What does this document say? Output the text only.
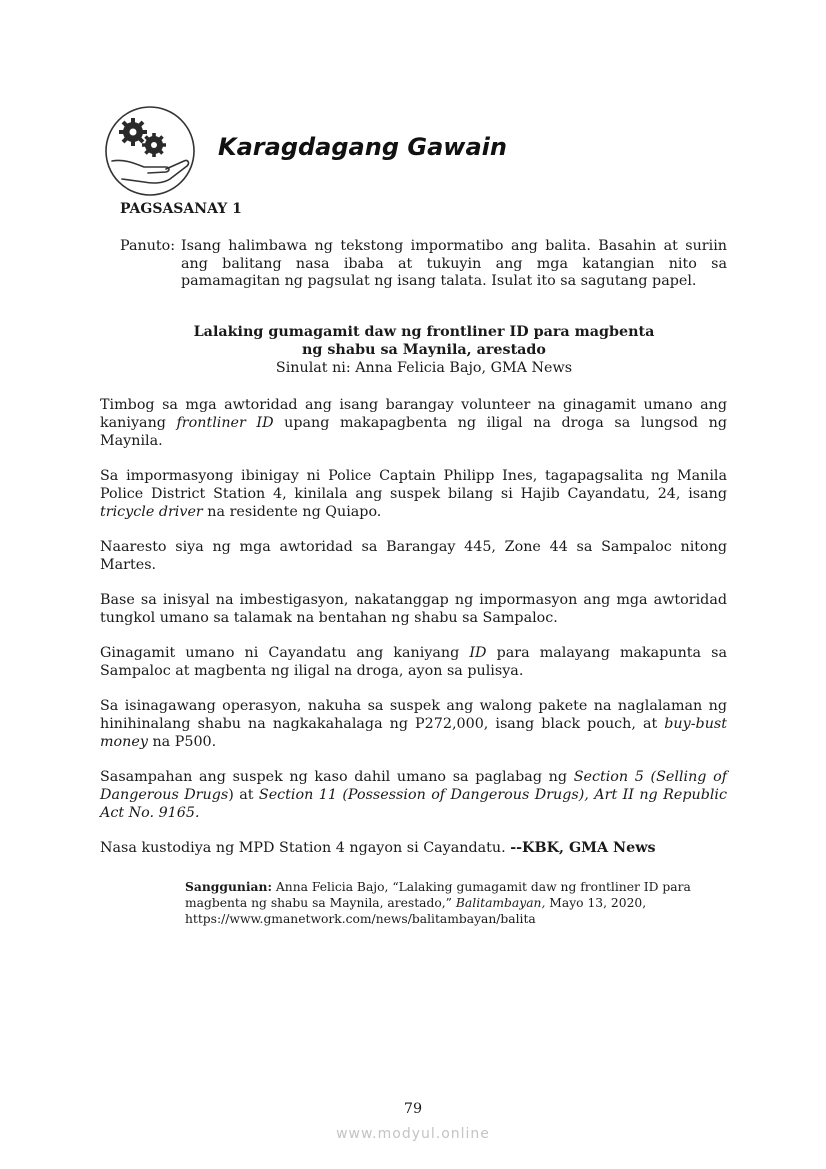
Karagdagang Gawain
PAGSASANAY 1
Panuto: Isang halimbawa ng tekstong impormatibo ang balita. Basahin at suriin ang balitang nasa ibaba at tukuyin ang mga katangian nito sa pamamagitan ng pagsulat ng isang talata. Isulat ito sa sagutang papel.
Lalaking gumagamit daw ng frontliner ID para magbenta
ng shabu sa Maynila, arestado
Sinulat ni: Anna Felicia Bajo, GMA News

Timbog sa mga awtoridad ang isang barangay volunteer na ginagamit umano ang kaniyang frontliner ID upang makapagbenta ng iligal na droga sa lungsod ng Maynila.

Sa impormasyong ibinigay ni Police Captain Philipp Ines, tagapagsalita ng Manila Police District Station 4, kinilala ang suspek bilang si Hajib Cayandatu, 24, isang tricycle driver na residente ng Quiapo.

Naaresto siya ng mga awtoridad sa Barangay 445, Zone 44 sa Sampaloc nitong Martes.

Base sa inisyal na imbestigasyon, nakatanggap ng impormasyon ang mga awtoridad tungkol umano sa talamak na bentahan ng shabu sa Sampaloc.

Ginagamit umano ni Cayandatu ang kaniyang ID para malayang makapunta sa Sampaloc at magbenta ng iligal na droga, ayon sa pulisya.

Sa isinagawang operasyon, nakuha sa suspek ang walong pakete na naglalaman ng hinihinalang shabu na nagkakahalaga ng P272,000, isang black pouch, at buy-bust money na P500.

Sasampahan ang suspek ng kaso dahil umano sa paglabag ng Section 5 (Selling of Dangerous Drugs) at Section 11 (Possession of Dangerous Drugs), Art II ng Republic Act No. 9165.

Nasa kustodiya ng MPD Station 4 ngayon si Cayandatu. --KBK, GMA News

Sanggunian: Anna Felicia Bajo, “Lalaking gumagamit daw ng frontliner ID para magbenta ng shabu sa Maynila, arestado,” Balitambayan, Mayo 13, 2020, https://www.gmanetwork.com/news/balitambayan/balita
79
www.modyul.online
